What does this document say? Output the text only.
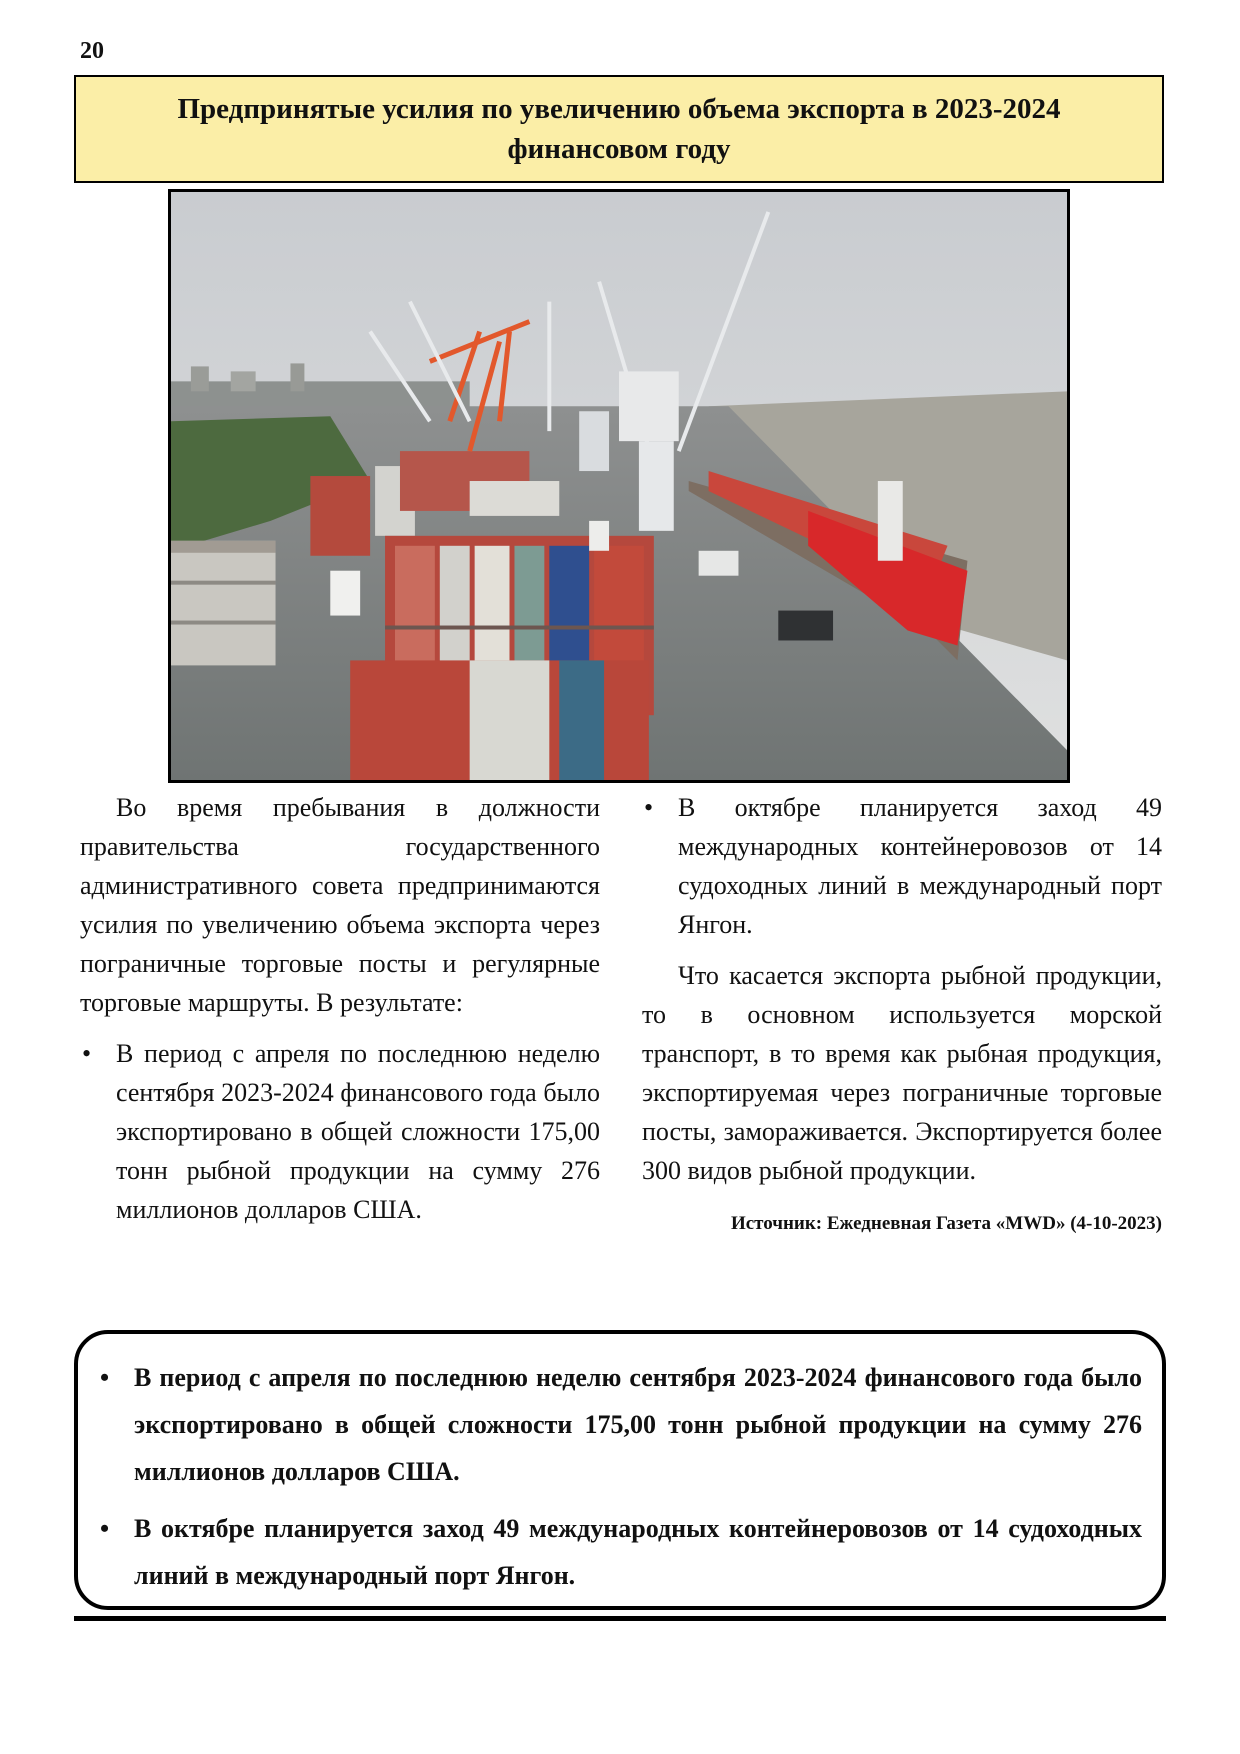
20
Предпринятые усилия по увеличению объема экспорта в 2023-2024
финансовом году

Во время пребывания в должности правительства государственного административного совета предпринимаются усилия по увеличению объема экспорта через пограничные торговые посты и регулярные торговые маршруты. В результате:

• В период с апреля по последнюю неделю сентября 2023-2024 финансового года было экспортировано в общей сложности 175,00 тонн рыбной продукции на сумму 276 миллионов долларов США.
• В октябре планируется заход 49 международных контейнеровозов от 14 судоходных линий в международный порт Янгон.

Что касается экспорта рыбной продукции, то в основном используется морской транспорт, в то время как рыбная продукция, экспортируемая через пограничные торговые посты, замораживается. Экспортируется более 300 видов рыбной продукции.

Источник: Ежедневная Газета «MWD» (4-10-2023)
• В период с апреля по последнюю неделю сентября 2023-2024 финансового года было экспортировано в общей сложности 175,00 тонн рыбной продукции на сумму 276 миллионов долларов США.
• В октябре планируется заход 49 международных контейнеровозов от 14 судоходных линий в международный порт Янгон.
